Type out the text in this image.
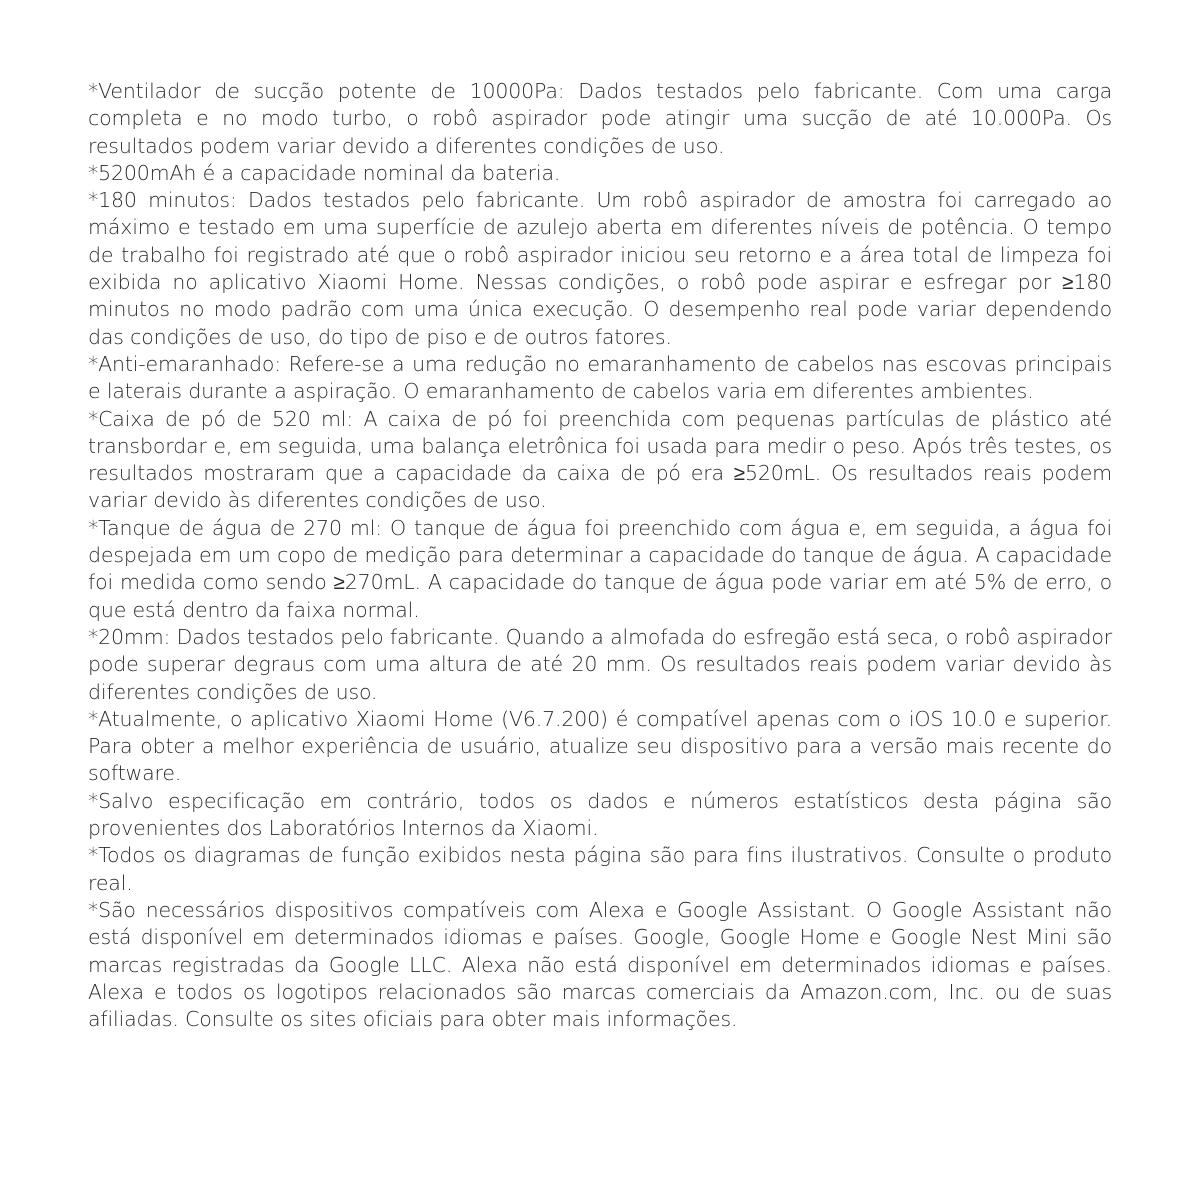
*Ventilador de sucção potente de 10000Pa: Dados testados pelo fabricante. Com uma carga completa e no modo turbo, o robô aspirador pode atingir uma sucção de até 10.000Pa. Os resultados podem variar devido a diferentes condições de uso.

*5200mAh é a capacidade nominal da bateria.

*180 minutos: Dados testados pelo fabricante. Um robô aspirador de amostra foi carregado ao máximo e testado em uma superfície de azulejo aberta em diferentes níveis de potência. O tempo de trabalho foi registrado até que o robô aspirador iniciou seu retorno e a área total de limpeza foi exibida no aplicativo Xiaomi Home. Nessas condições, o robô pode aspirar e esfregar por ≥180 minutos no modo padrão com uma única execução. O desempenho real pode variar dependendo das condições de uso, do tipo de piso e de outros fatores.

*Anti-emaranhado: Refere-se a uma redução no emaranhamento de cabelos nas escovas principais e laterais durante a aspiração. O emaranhamento de cabelos varia em diferentes ambientes.

*Caixa de pó de 520 ml: A caixa de pó foi preenchida com pequenas partículas de plástico até transbordar e, em seguida, uma balança eletrônica foi usada para medir o peso. Após três testes, os resultados mostraram que a capacidade da caixa de pó era ≥520mL. Os resultados reais podem variar devido às diferentes condições de uso.

*Tanque de água de 270 ml: O tanque de água foi preenchido com água e, em seguida, a água foi despejada em um copo de medição para determinar a capacidade do tanque de água. A capacidade foi medida como sendo ≥270mL. A capacidade do tanque de água pode variar em até 5% de erro, o que está dentro da faixa normal.

*20mm: Dados testados pelo fabricante. Quando a almofada do esfregão está seca, o robô aspirador pode superar degraus com uma altura de até 20 mm. Os resultados reais podem variar devido às diferentes condições de uso.

*Atualmente, o aplicativo Xiaomi Home (V6.7.200) é compatível apenas com o iOS 10.0 e superior. Para obter a melhor experiência de usuário, atualize seu dispositivo para a versão mais recente do software.

*Salvo especificação em contrário, todos os dados e números estatísticos desta página são provenientes dos Laboratórios Internos da Xiaomi.

*Todos os diagramas de função exibidos nesta página são para fins ilustrativos. Consulte o produto real.

*São necessários dispositivos compatíveis com Alexa e Google Assistant. O Google Assistant não está disponível em determinados idiomas e países. Google, Google Home e Google Nest Mini são marcas registradas da Google LLC. Alexa não está disponível em determinados idiomas e países. Alexa e todos os logotipos relacionados são marcas comerciais da Amazon.com, Inc. ou de suas afiliadas. Consulte os sites oficiais para obter mais informações.
